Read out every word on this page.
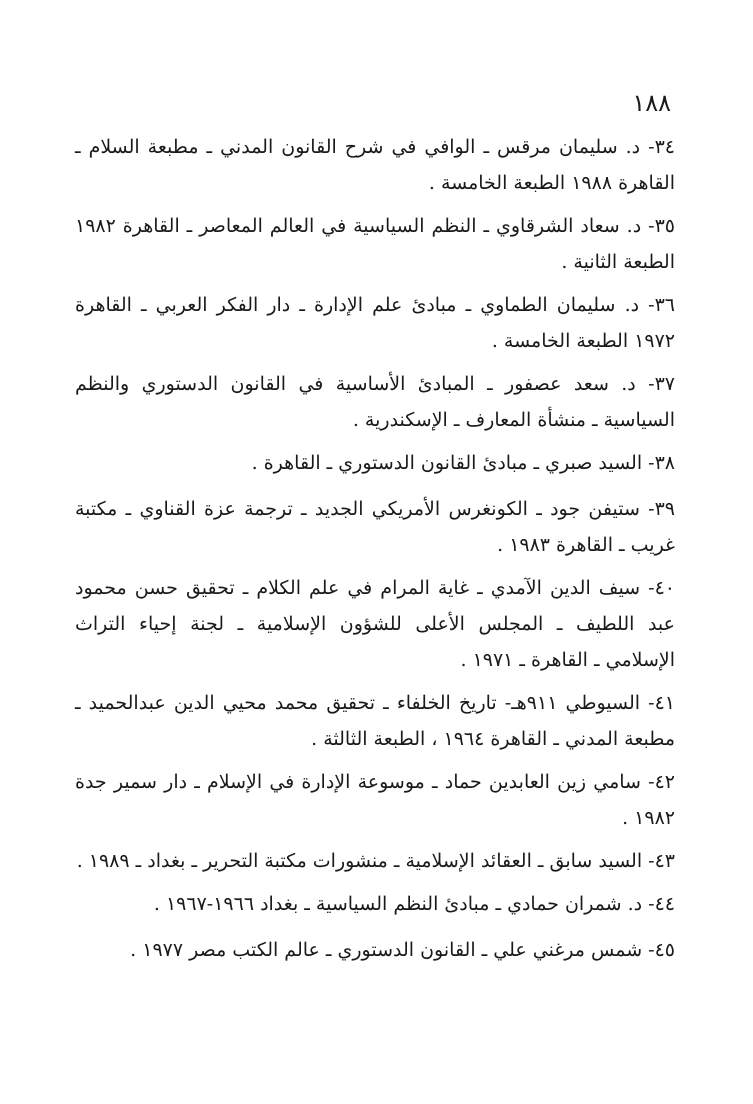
١٨٨
٣٤- د. سليمان مرقس ـ الوافي في شرح القانون المدني ـ مطبعة السلام ـ القاهرة ١٩٨٨ الطبعة الخامسة .
٣٥- د. سعاد الشرقاوي ـ النظم السياسية في العالم المعاصر ـ القاهرة ١٩٨٢ الطبعة الثانية .
٣٦- د. سليمان الطماوي ـ مبادئ علم الإدارة ـ دار الفكر العربي ـ القاهرة ١٩٧٢ الطبعة الخامسة .
٣٧- د. سعد عصفور ـ المبادئ الأساسية في القانون الدستوري والنظم السياسية ـ منشأة المعارف ـ الإسكندرية .
٣٨- السيد صبري ـ مبادئ القانون الدستوري ـ القاهرة .
٣٩- ستيفن جود ـ الكونغرس الأمريكي الجديد ـ ترجمة عزة القناوي ـ مكتبة غريب ـ القاهرة ١٩٨٣ .
٤٠- سيف الدين الآمدي ـ غاية المرام في علم الكلام ـ تحقيق حسن محمود عبد اللطيف ـ المجلس الأعلى للشؤون الإسلامية ـ لجنة إحياء التراث الإسلامي ـ القاهرة ـ ١٩٧١ .
٤١- السيوطي ٩١١هـ- تاريخ الخلفاء ـ تحقيق محمد محيي الدين عبدالحميد ـ مطبعة المدني ـ القاهرة ١٩٦٤ ، الطبعة الثالثة .
٤٢- سامي زين العابدين حماد ـ موسوعة الإدارة في الإسلام ـ دار سمير جدة ١٩٨٢ .
٤٣- السيد سابق ـ العقائد الإسلامية ـ منشورات مكتبة التحرير ـ بغداد ـ ١٩٨٩ .
٤٤- د. شمران حمادي ـ مبادئ النظم السياسية ـ بغداد ١٩٦٦-١٩٦٧ .
٤٥- شمس مرغني علي ـ القانون الدستوري ـ عالم الكتب مصر ١٩٧٧ .
